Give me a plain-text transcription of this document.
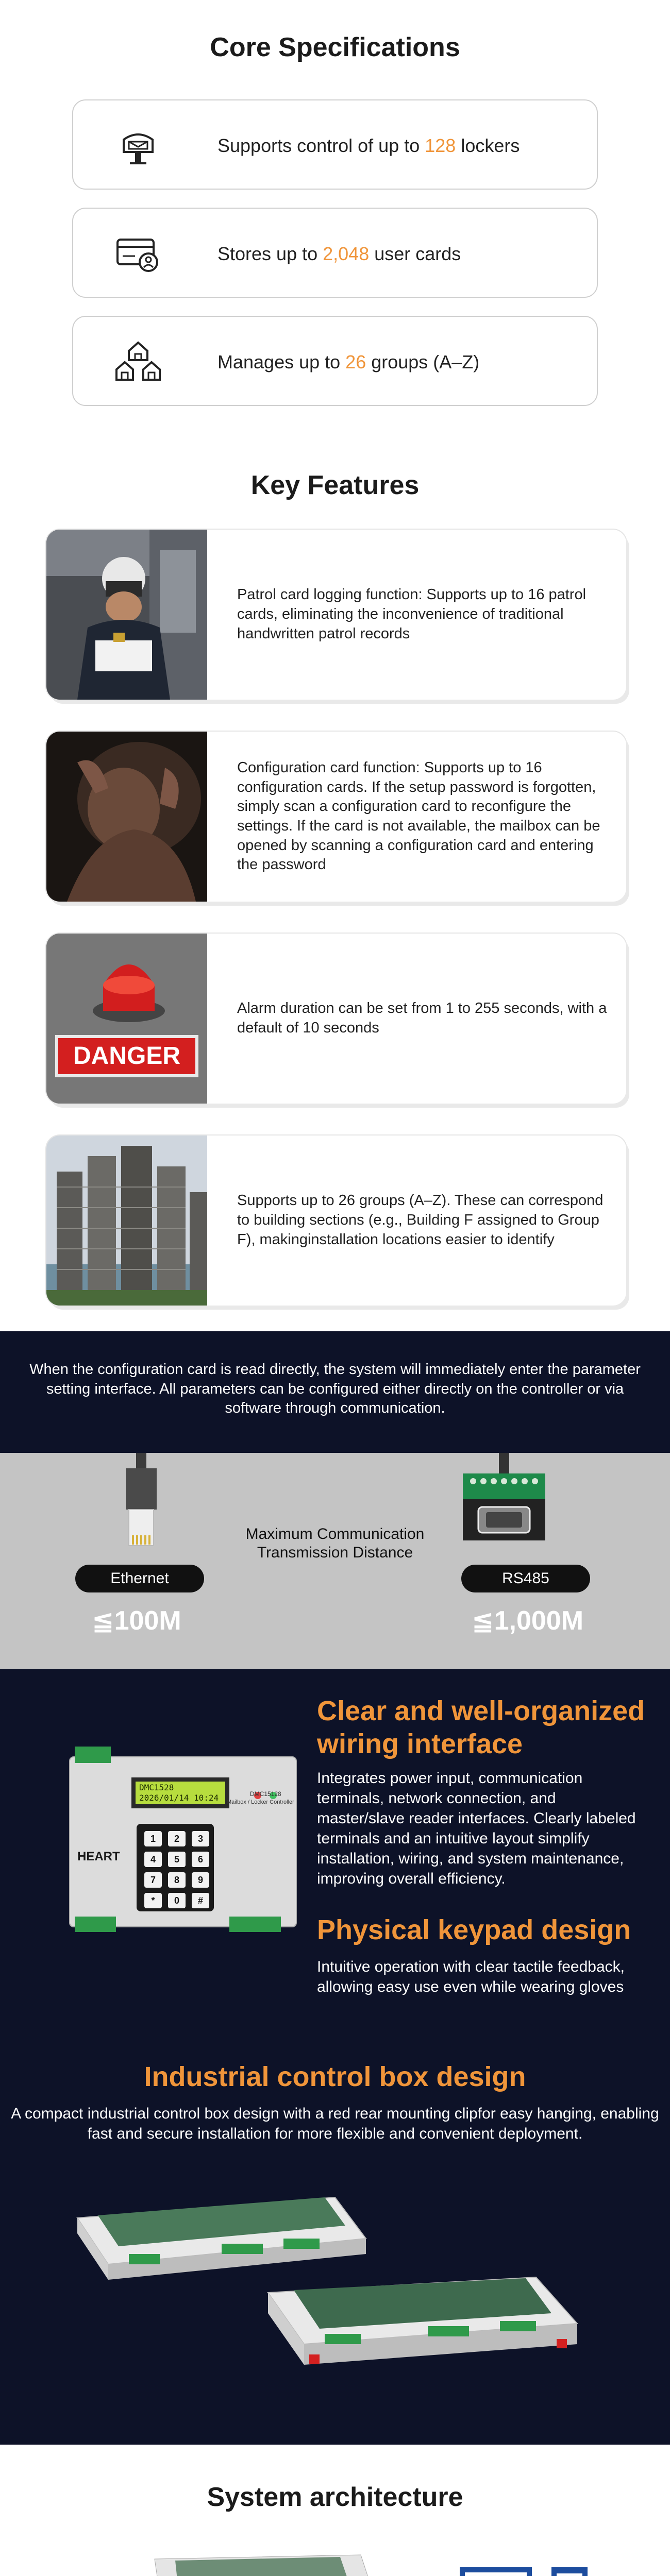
Core Specifications
Supports control of up to 128 lockers
Stores up to 2,048 user cards
Manages up to 26 groups (A–Z)
Key Features
Patrol card logging function: Supports up to 16 patrol cards, eliminating the inconvenience of traditional handwritten patrol records
Configuration card function: Supports up to 16 configuration cards. If the setup password is forgotten, simply scan a configuration card to reconfigure the settings. If the card is not available, the mailbox can be opened by scanning a configuration card and entering the password
DANGER
Alarm duration can be set from 1 to 255 seconds, with a default of 10 seconds
Supports up to 26 groups (A–Z). These can correspond to building sections (e.g., Building F assigned to Group F), makinginstallation locations easier to identify
When the configuration card is read directly, the system will immediately enter the parameter setting interface. All parameters can be configured either directly on the controller or via software through communication.
Maximum Communication Transmission Distance
Ethernet	RS485
≦100M	≦1,000M
DMC1528
2026/01/14 10:24
HEART
DMC15128
Mailbox / Locker Controller
1	2	3
4	5	6
7	8	9
*	0	#
Clear and well-organized wiring interface
Integrates power input, communication terminals, network connection, and master/slave reader interfaces. Clearly labeled terminals and an intuitive layout simplify installation, wiring, and system maintenance, improving overall efficiency.
Physical keypad design
Intuitive operation with clear tactile feedback, allowing easy use even while wearing gloves
Industrial control box design
A compact industrial control box design with a red rear mounting clipfor easy hanging, enabling fast and secure installation for more flexible and convenient deployment.
System architecture
